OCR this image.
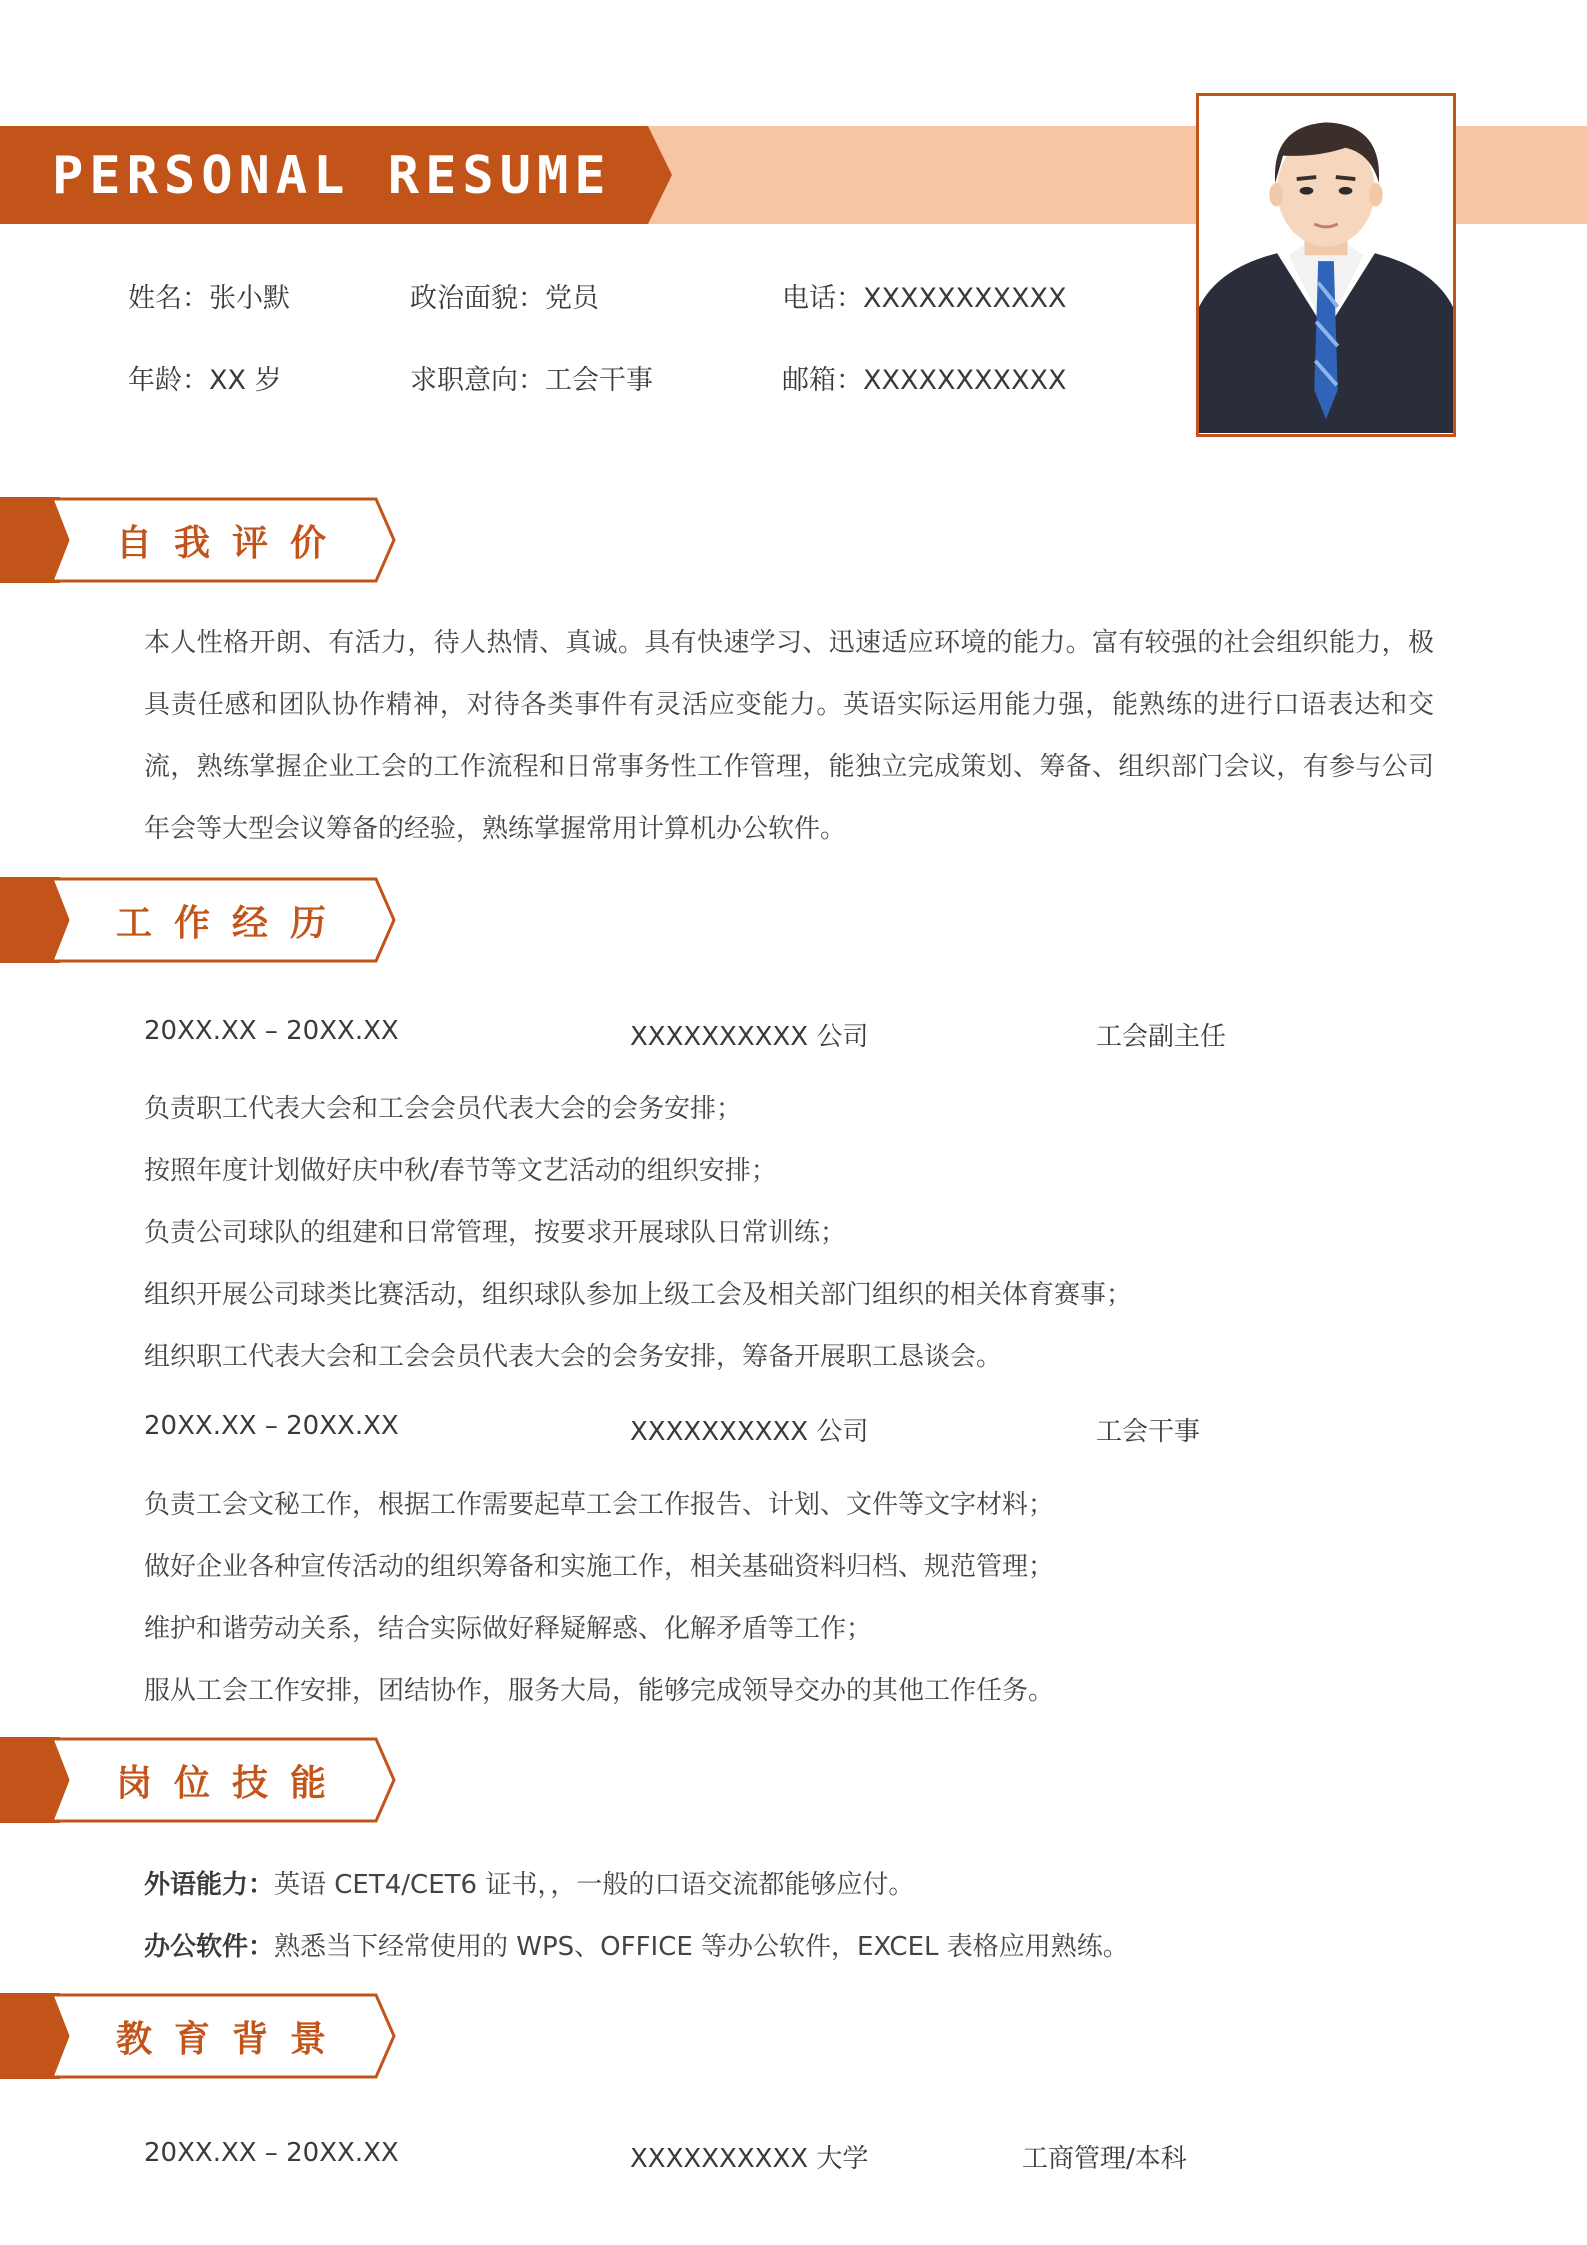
PERSONAL RESUME
姓名：张小默	政治面貌：党员	电话：XXXXXXXXXXX
年龄：XX 岁	求职意向：工会干事	邮箱：XXXXXXXXXXX
自我评价
本人性格开朗、有活力，待人热情、真诚。具有快速学习、迅速适应环境的能力。富有较强的社会组织能力，极具责任感和团队协作精神，对待各类事件有灵活应变能力。英语实际运用能力强，能熟练的进行口语表达和交流，熟练掌握企业工会的工作流程和日常事务性工作管理，能独立完成策划、筹备、组织部门会议，有参与公司年会等大型会议筹备的经验，熟练掌握常用计算机办公软件。
工作经历
20XX.XX – 20XX.XX	XXXXXXXXXX 公司	工会副主任
负责职工代表大会和工会会员代表大会的会务安排；
按照年度计划做好庆中秋/春节等文艺活动的组织安排；
负责公司球队的组建和日常管理，按要求开展球队日常训练；
组织开展公司球类比赛活动，组织球队参加上级工会及相关部门组织的相关体育赛事；
组织职工代表大会和工会会员代表大会的会务安排，筹备开展职工恳谈会。
20XX.XX – 20XX.XX	XXXXXXXXXX 公司	工会干事
负责工会文秘工作，根据工作需要起草工会工作报告、计划、文件等文字材料；
做好企业各种宣传活动的组织筹备和实施工作，相关基础资料归档、规范管理；
维护和谐劳动关系，结合实际做好释疑解惑、化解矛盾等工作；
服从工会工作安排，团结协作，服务大局，能够完成领导交办的其他工作任务。
岗位技能
外语能力：英语 CET4/CET6 证书，，一般的口语交流都能够应付。
办公软件：熟悉当下经常使用的 WPS、OFFICE 等办公软件，EXCEL 表格应用熟练。
教育背景
20XX.XX – 20XX.XX	XXXXXXXXXX 大学	工商管理/本科
